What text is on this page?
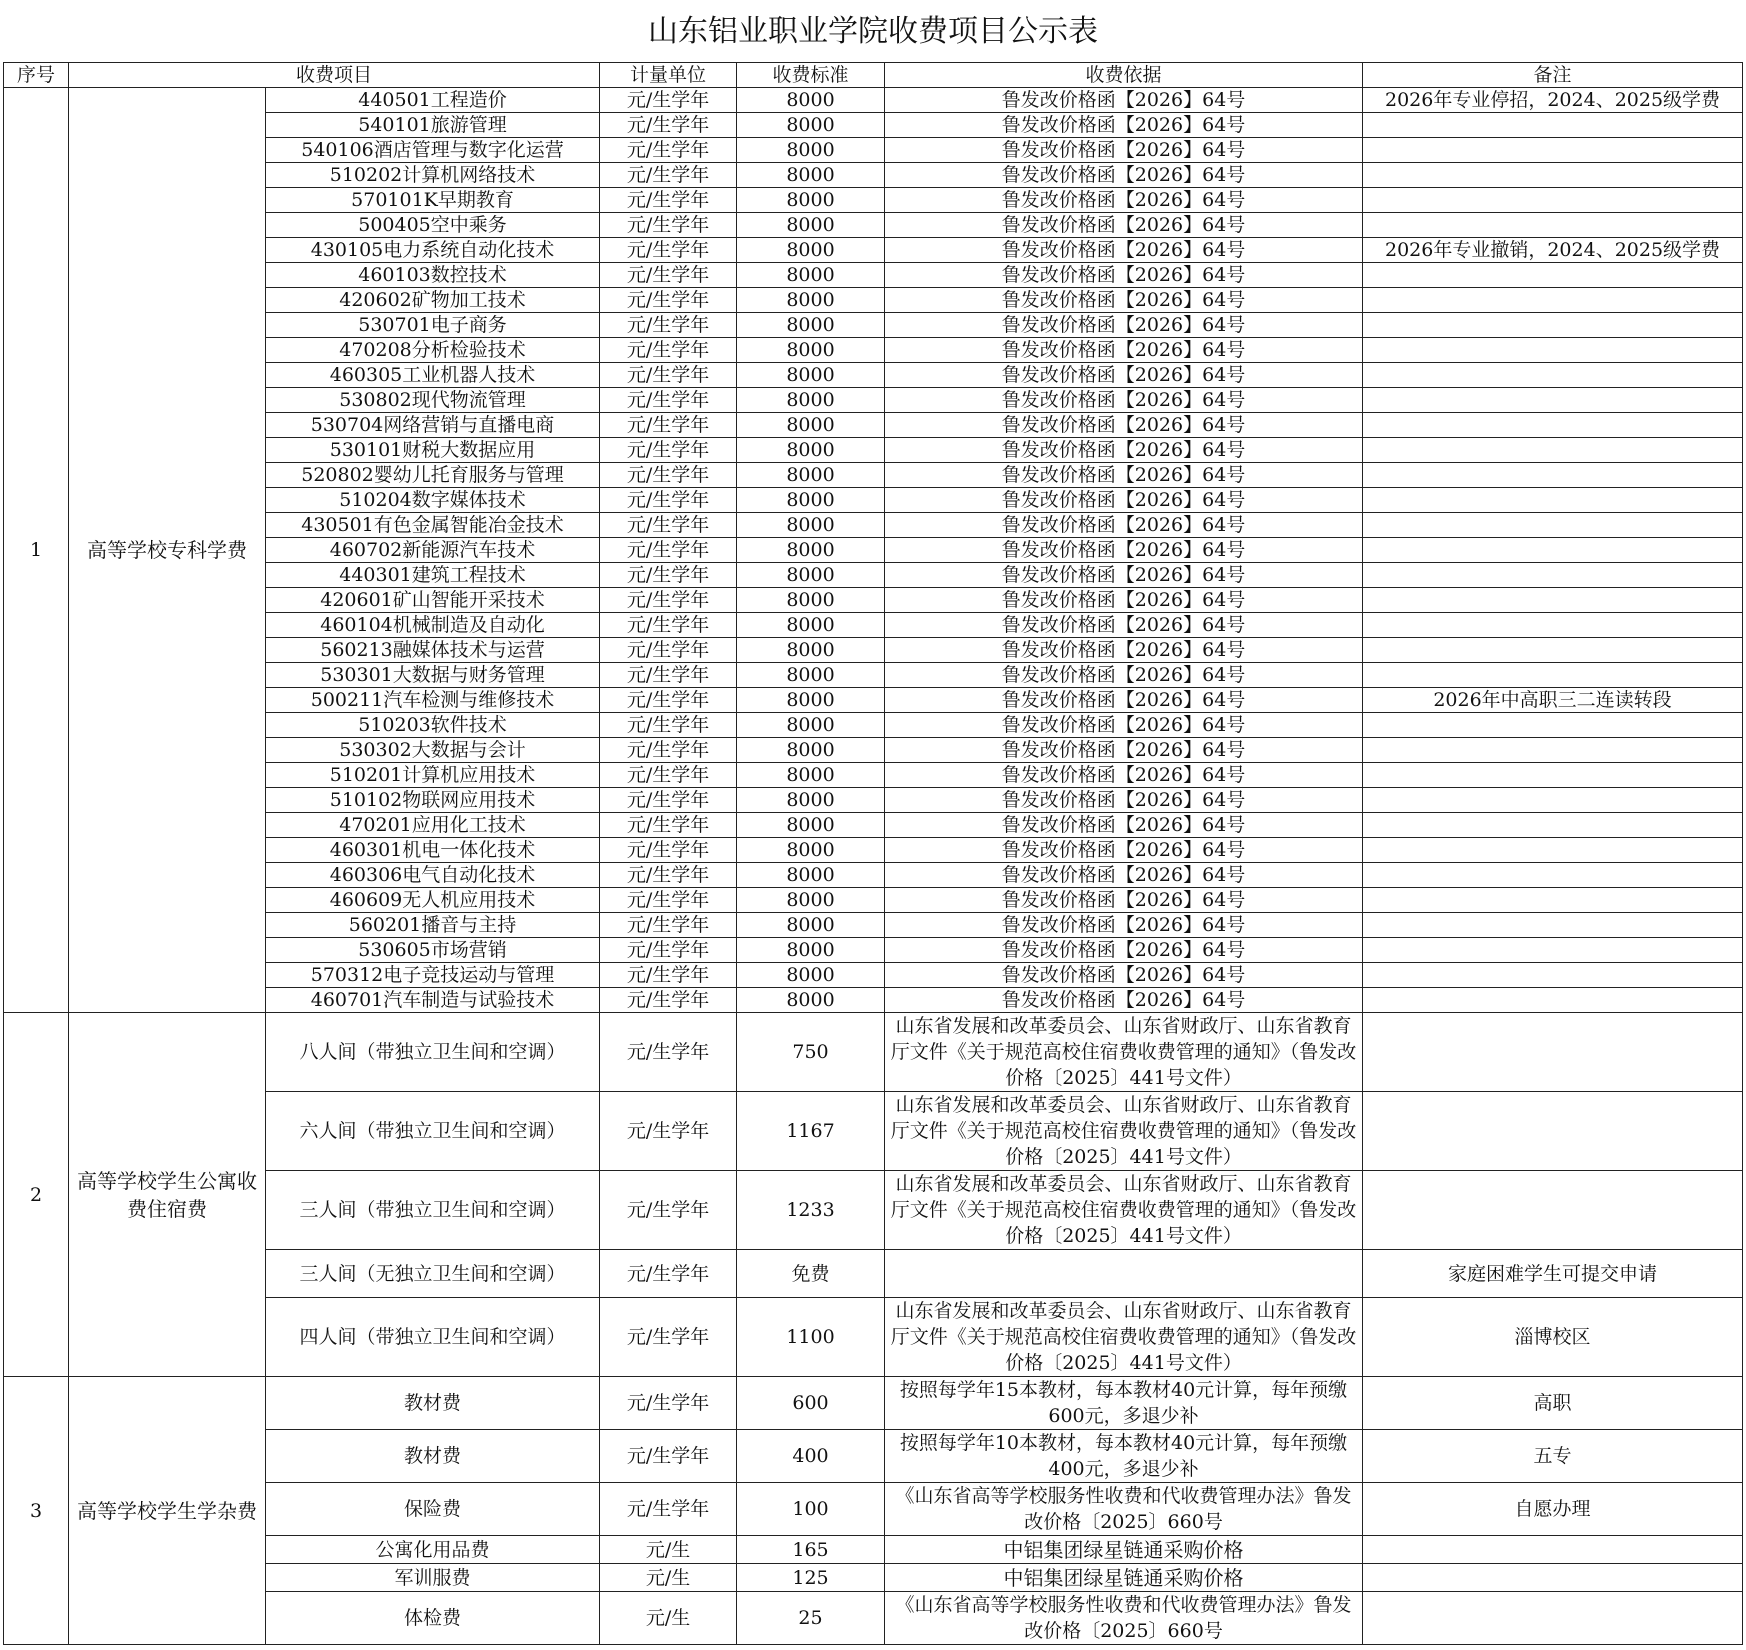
山东铝业职业学院收费项目公示表
序号	收费项目		计量单位	收费标准	收费依据	备注
1	高等学校专科学费	440501工程造价	元/生学年	8000	鲁发改价格函【2026】64号	2026年专业停招，2024、2025级学费
		540101旅游管理	元/生学年	8000	鲁发改价格函【2026】64号	
		540106酒店管理与数字化运营	元/生学年	8000	鲁发改价格函【2026】64号	
		510202计算机网络技术	元/生学年	8000	鲁发改价格函【2026】64号	
		570101K早期教育	元/生学年	8000	鲁发改价格函【2026】64号	
		500405空中乘务	元/生学年	8000	鲁发改价格函【2026】64号	
		430105电力系统自动化技术	元/生学年	8000	鲁发改价格函【2026】64号	2026年专业撤销，2024、2025级学费
		460103数控技术	元/生学年	8000	鲁发改价格函【2026】64号	
		420602矿物加工技术	元/生学年	8000	鲁发改价格函【2026】64号	
		530701电子商务	元/生学年	8000	鲁发改价格函【2026】64号	
		470208分析检验技术	元/生学年	8000	鲁发改价格函【2026】64号	
		460305工业机器人技术	元/生学年	8000	鲁发改价格函【2026】64号	
		530802现代物流管理	元/生学年	8000	鲁发改价格函【2026】64号	
		530704网络营销与直播电商	元/生学年	8000	鲁发改价格函【2026】64号	
		530101财税大数据应用	元/生学年	8000	鲁发改价格函【2026】64号	
		520802婴幼儿托育服务与管理	元/生学年	8000	鲁发改价格函【2026】64号	
		510204数字媒体技术	元/生学年	8000	鲁发改价格函【2026】64号	
		430501有色金属智能冶金技术	元/生学年	8000	鲁发改价格函【2026】64号	
		460702新能源汽车技术	元/生学年	8000	鲁发改价格函【2026】64号	
		440301建筑工程技术	元/生学年	8000	鲁发改价格函【2026】64号	
		420601矿山智能开采技术	元/生学年	8000	鲁发改价格函【2026】64号	
		460104机械制造及自动化	元/生学年	8000	鲁发改价格函【2026】64号	
		560213融媒体技术与运营	元/生学年	8000	鲁发改价格函【2026】64号	
		530301大数据与财务管理	元/生学年	8000	鲁发改价格函【2026】64号	
		500211汽车检测与维修技术	元/生学年	8000	鲁发改价格函【2026】64号	2026年中高职三二连读转段
		510203软件技术	元/生学年	8000	鲁发改价格函【2026】64号	
		530302大数据与会计	元/生学年	8000	鲁发改价格函【2026】64号	
		510201计算机应用技术	元/生学年	8000	鲁发改价格函【2026】64号	
		510102物联网应用技术	元/生学年	8000	鲁发改价格函【2026】64号	
		470201应用化工技术	元/生学年	8000	鲁发改价格函【2026】64号	
		460301机电一体化技术	元/生学年	8000	鲁发改价格函【2026】64号	
		460306电气自动化技术	元/生学年	8000	鲁发改价格函【2026】64号	
		460609无人机应用技术	元/生学年	8000	鲁发改价格函【2026】64号	
		560201播音与主持	元/生学年	8000	鲁发改价格函【2026】64号	
		530605市场营销	元/生学年	8000	鲁发改价格函【2026】64号	
		570312电子竞技运动与管理	元/生学年	8000	鲁发改价格函【2026】64号	
		460701汽车制造与试验技术	元/生学年	8000	鲁发改价格函【2026】64号	
2	高等学校学生公寓收费住宿费	八人间（带独立卫生间和空调）	元/生学年	750	山东省发展和改革委员会、山东省财政厅、山东省教育厅文件《关于规范高校住宿费收费管理的通知》（鲁发改价格〔2025〕441号文件）	
		六人间（带独立卫生间和空调）	元/生学年	1167	山东省发展和改革委员会、山东省财政厅、山东省教育厅文件《关于规范高校住宿费收费管理的通知》（鲁发改价格〔2025〕441号文件）	
		三人间（带独立卫生间和空调）	元/生学年	1233	山东省发展和改革委员会、山东省财政厅、山东省教育厅文件《关于规范高校住宿费收费管理的通知》（鲁发改价格〔2025〕441号文件）	
		三人间（无独立卫生间和空调）	元/生学年	免费		家庭困难学生可提交申请
		四人间（带独立卫生间和空调）	元/生学年	1100	山东省发展和改革委员会、山东省财政厅、山东省教育厅文件《关于规范高校住宿费收费管理的通知》（鲁发改价格〔2025〕441号文件）	淄博校区
3	高等学校学生学杂费	教材费	元/生学年	600	按照每学年15本教材，每本教材40元计算，每年预缴600元，多退少补	高职
		教材费	元/生学年	400	按照每学年10本教材，每本教材40元计算，每年预缴400元，多退少补	五专
		保险费	元/生学年	100	《山东省高等学校服务性收费和代收费管理办法》鲁发改价格〔2025〕660号	自愿办理
		公寓化用品费	元/生	165	中铝集团绿星链通采购价格	
		军训服费	元/生	125	中铝集团绿星链通采购价格	
		体检费	元/生	25	《山东省高等学校服务性收费和代收费管理办法》鲁发改价格〔2025〕660号	
